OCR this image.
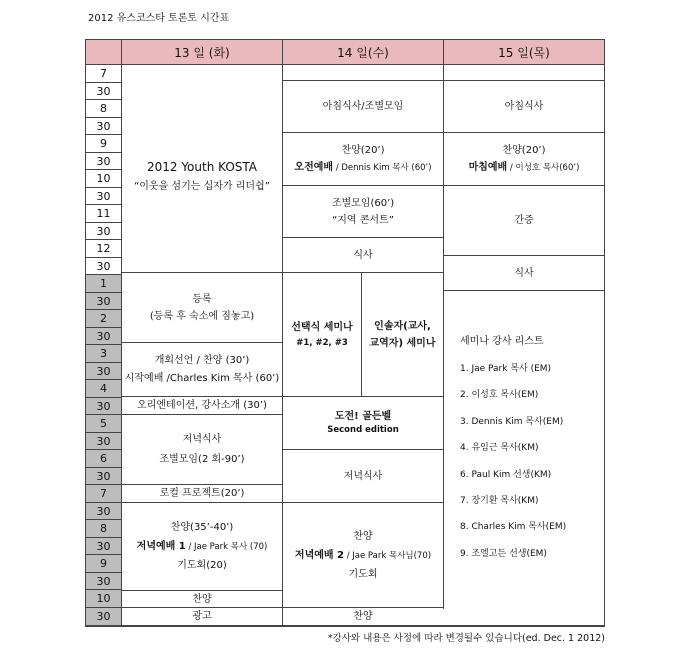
2012 유스코스타 토론토 시간표
13 일 (화)	14 일(수)	15 일(목)
7
30
8
30
9
30
10
30
11
30
12
30
1
30
2
30
3
30
4
30
5
30
6
30
7
30
8
30
9
30
10
30
2012 Youth KOSTA
“이웃을 섬기는 십자가 리더쉽”
등록
(등록 후 숙소에 짐놓고)
개회선언 / 찬양 (30’)
시작예배 /Charles Kim 목사 (60’)
오리엔테이션, 강사소개 (30’)
저녁식사
조별모임(2 회-90’)
로컬 프로젝트(20’)
찬양(35’-40’)
저녁예배 1 / Jae Park 목사 (70)
기도회(20)
찬양
광고
아침식사/조별모임
찬양(20’)
오전예배 / Dennis Kim 목사 (60’)
조별모임(60’)
“지역 콘서트”
식사
선택식 세미나
#1, #2, #3
인솔자(교사,
교역자) 세미나
도전! 골든벨
Second edition
저녁식사
찬양
저녁예배 2 / Jae Park 목사님(70)
기도회
찬양
아침식사
찬양(20’)
마침예배 / 이성호 목사(60’)
간증
식사
세미나 강사 리스트
1. Jae Park 목사 (EM)
2. 이성호 목사(EM)
3. Dennis Kim 목사(EM)
4. 유임근 목사(KM)
6. Paul Kim 선생(KM)
7. 장기환 목사(KM)
8. Charles Kim 목사(EM)
9. 조엘고든 선생(EM)
*강사와 내용은 사정에 따라 변경될수 있습니다(ed. Dec. 1 2012)
